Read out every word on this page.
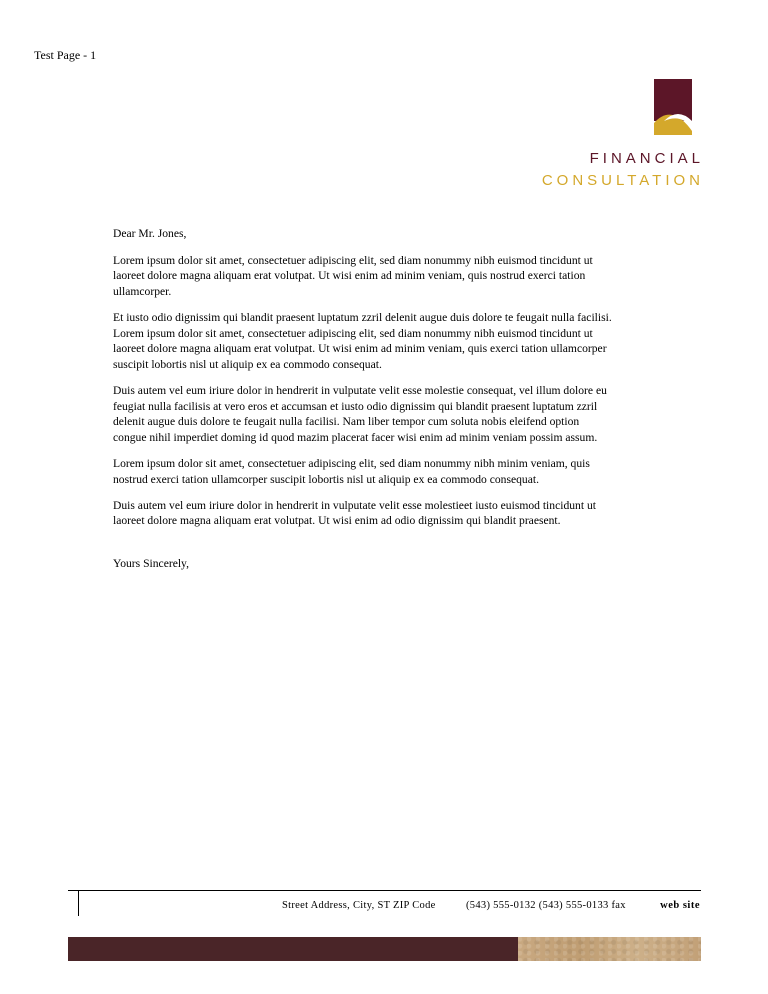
Test Page - 1
FINANCIAL
CONSULTATION

Dear Mr. Jones,

Lorem ipsum dolor sit amet, consectetuer adipiscing elit, sed diam nonummy nibh euismod tincidunt ut
laoreet dolore magna aliquam erat volutpat. Ut wisi enim ad minim veniam, quis nostrud exerci tation
ullamcorper.

Et iusto odio dignissim qui blandit praesent luptatum zzril delenit augue duis dolore te feugait nulla facilisi.
Lorem ipsum dolor sit amet, consectetuer adipiscing elit, sed diam nonummy nibh euismod tincidunt ut
laoreet dolore magna aliquam erat volutpat. Ut wisi enim ad minim veniam, quis exerci tation ullamcorper
suscipit lobortis nisl ut aliquip ex ea commodo consequat.

Duis autem vel eum iriure dolor in hendrerit in vulputate velit esse molestie consequat, vel illum dolore eu
feugiat nulla facilisis at vero eros et accumsan et iusto odio dignissim qui blandit praesent luptatum zzril
delenit augue duis dolore te feugait nulla facilisi. Nam liber tempor cum soluta nobis eleifend option
congue nihil imperdiet doming id quod mazim placerat facer wisi enim ad minim veniam possim assum.

Lorem ipsum dolor sit amet, consectetuer adipiscing elit, sed diam nonummy nibh minim veniam, quis
nostrud exerci tation ullamcorper suscipit lobortis nisl ut aliquip ex ea commodo consequat.

Duis autem vel eum iriure dolor in hendrerit in vulputate velit esse molestieet iusto euismod tincidunt ut
laoreet dolore magna aliquam erat volutpat. Ut wisi enim ad odio dignissim qui blandit praesent.

Yours Sincerely,

Street Address, City, ST ZIP Code	(543) 555-0132 (543) 555-0133 fax	web site
